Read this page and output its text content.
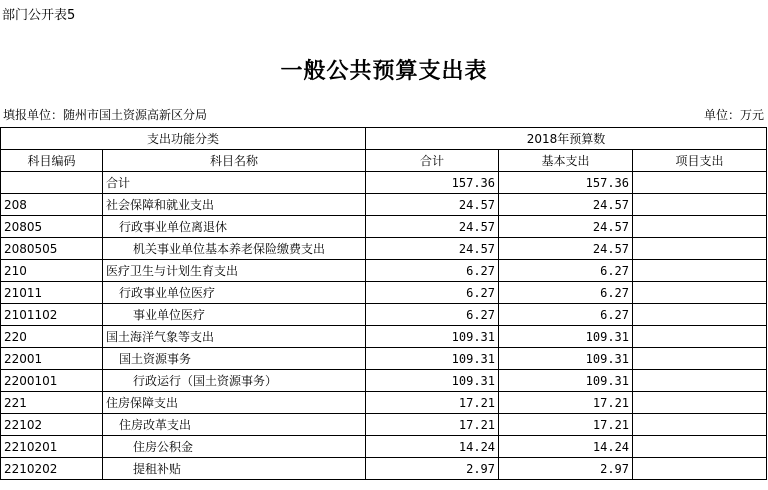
部门公开表5
一般公共预算支出表
填报单位：随州市国土资源高新区分局	单位：万元
支出功能分类		2018年预算数		
科目编码	科目名称	合计	基本支出	项目支出
	合计	157.36	157.36	
208	社会保障和就业支出	24.57	24.57	
20805	行政事业单位离退休	24.57	24.57	
2080505	机关事业单位基本养老保险缴费支出	24.57	24.57	
210	医疗卫生与计划生育支出	6.27	6.27	
21011	行政事业单位医疗	6.27	6.27	
2101102	事业单位医疗	6.27	6.27	
220	国土海洋气象等支出	109.31	109.31	
22001	国土资源事务	109.31	109.31	
2200101	行政运行（国土资源事务）	109.31	109.31	
221	住房保障支出	17.21	17.21	
22102	住房改革支出	17.21	17.21	
2210201	住房公积金	14.24	14.24	
2210202	提租补贴	2.97	2.97	
